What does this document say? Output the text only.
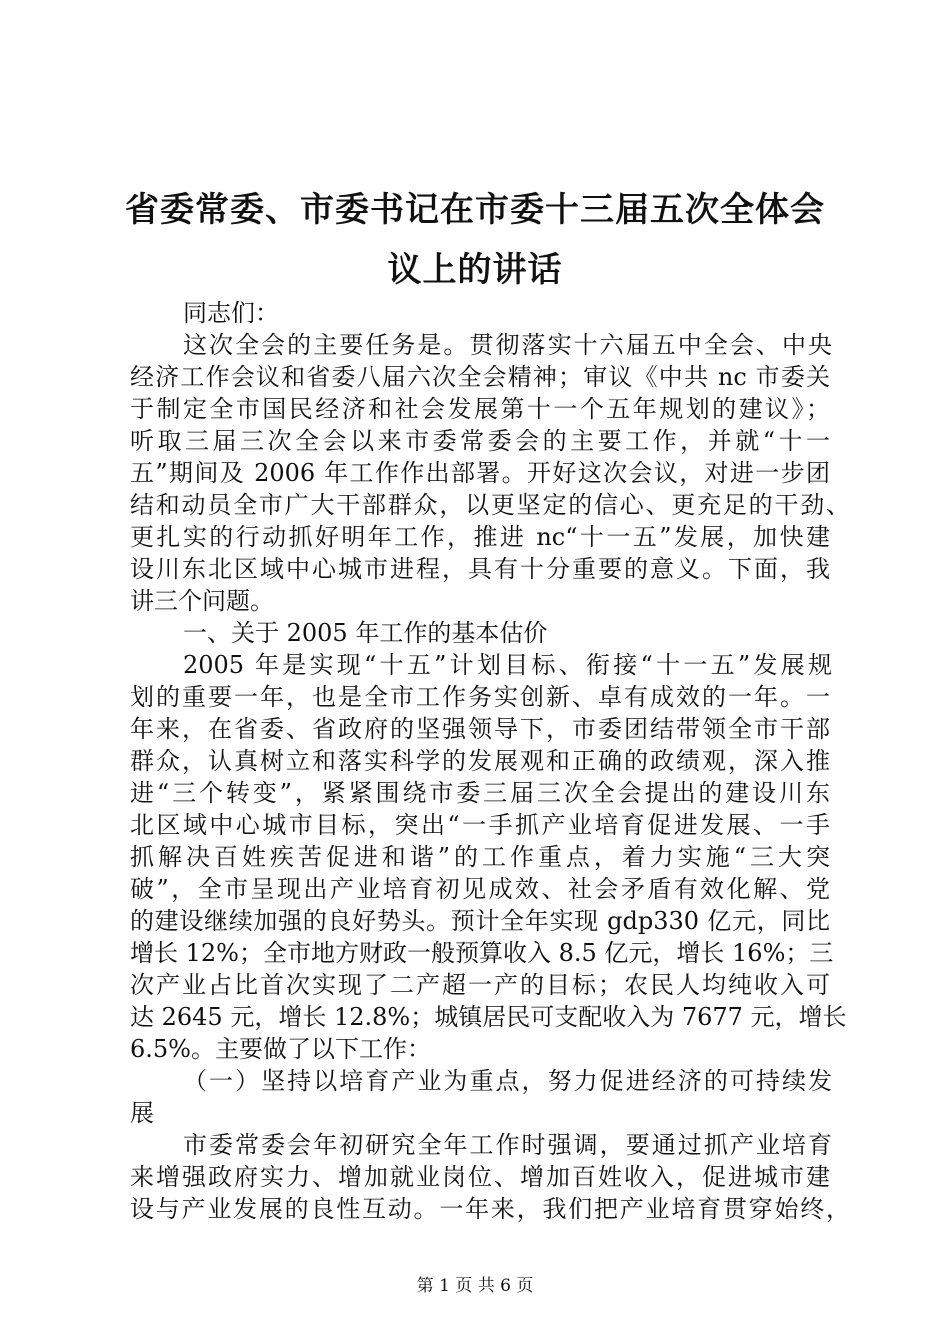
省委常委、市委书记在市委十三届五次全体会
议上的讲话
同志们：
这次全会的主要任务是。贯彻落实十六届五中全会、中央
经济工作会议和省委八届六次全会精神；审议《中共 nc 市委关
于制定全市国民经济和社会发展第十一个五年规划的建议》；
听取三届三次全会以来市委常委会的主要工作，并就“十一
五”期间及 2006 年工作作出部署。开好这次会议，对进一步团
结和动员全市广大干部群众，以更坚定的信心、更充足的干劲、
更扎实的行动抓好明年工作，推进 nc“十一五”发展，加快建
设川东北区域中心城市进程，具有十分重要的意义。下面，我
讲三个问题。
一、关于 2005 年工作的基本估价
2005 年是实现“十五”计划目标、衔接“十一五”发展规
划的重要一年，也是全市工作务实创新、卓有成效的一年。一
年来，在省委、省政府的坚强领导下，市委团结带领全市干部
群众，认真树立和落实科学的发展观和正确的政绩观，深入推
进“三个转变”，紧紧围绕市委三届三次全会提出的建设川东
北区域中心城市目标，突出“一手抓产业培育促进发展、一手
抓解决百姓疾苦促进和谐”的工作重点，着力实施“三大突
破”，全市呈现出产业培育初见成效、社会矛盾有效化解、党
的建设继续加强的良好势头。预计全年实现 gdp330 亿元，同比
增长 12%；全市地方财政一般预算收入 8.5 亿元，增长 16%；三
次产业占比首次实现了二产超一产的目标；农民人均纯收入可
达 2645 元，增长 12.8%；城镇居民可支配收入为 7677 元，增长
6.5%。主要做了以下工作：
（一）坚持以培育产业为重点，努力促进经济的可持续发
展
市委常委会年初研究全年工作时强调，要通过抓产业培育
来增强政府实力、增加就业岗位、增加百姓收入，促进城市建
设与产业发展的良性互动。一年来，我们把产业培育贯穿始终，
第 1 页 共 6 页
